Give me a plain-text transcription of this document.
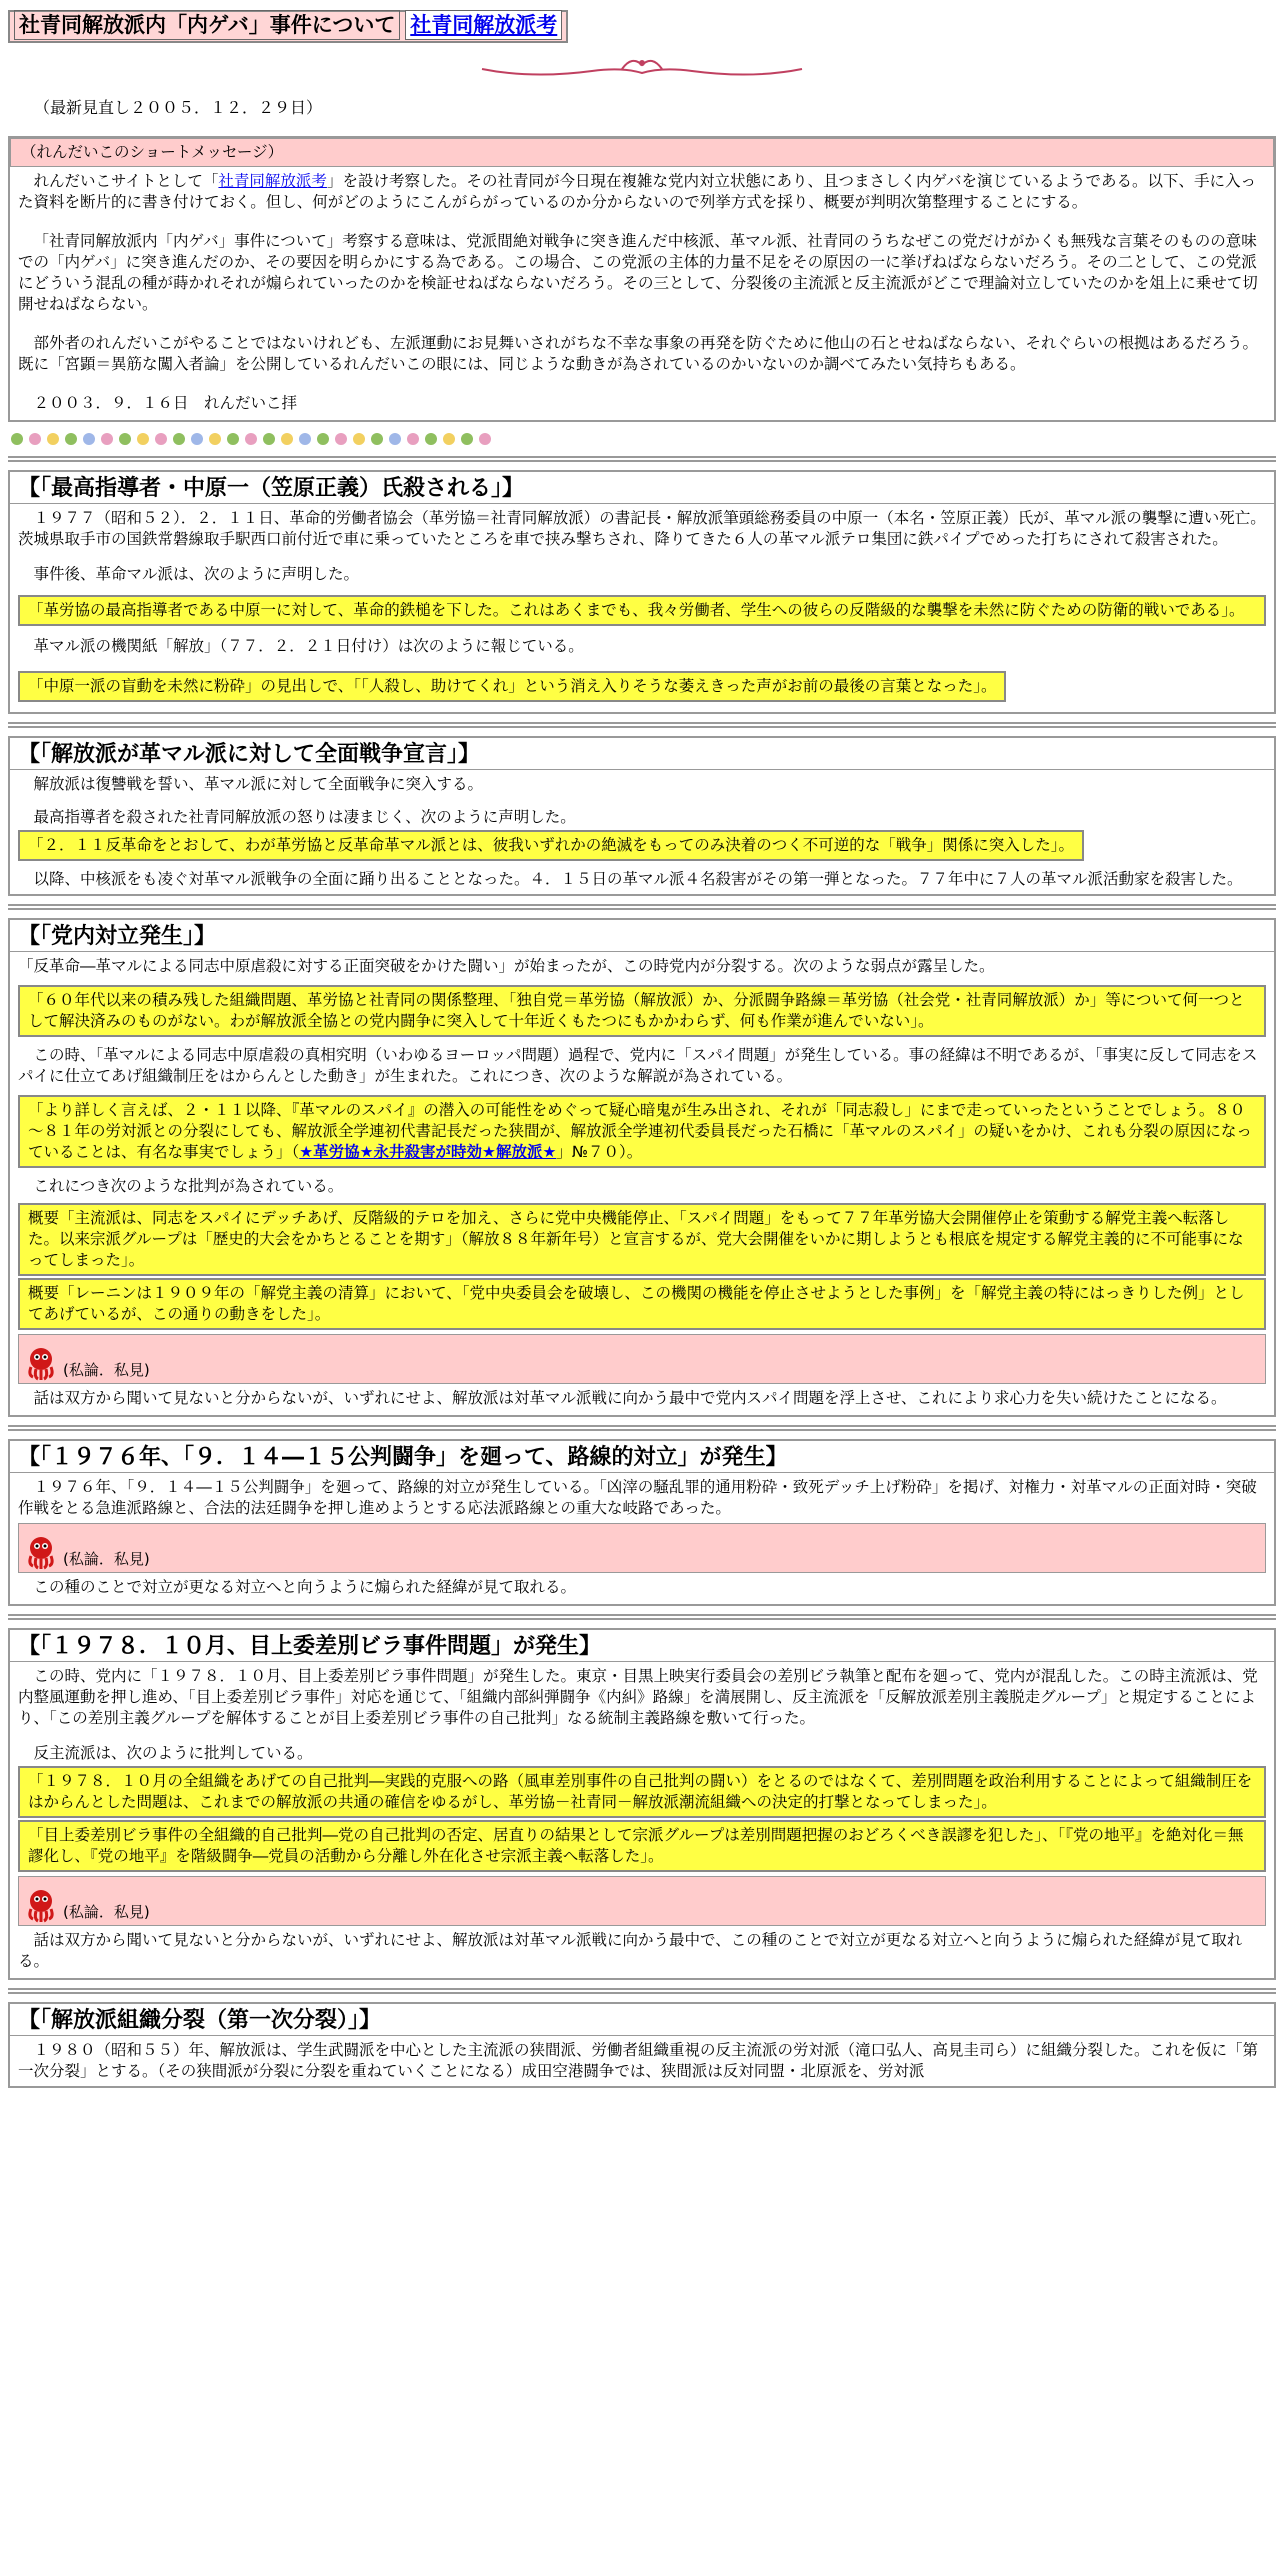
社青同解放派内「内ゲバ」事件について 社青同解放派考
（最新見直し２００５．１２．２９日）
（れんだいこのショートメッセージ）

れんだいこサイトとして「社青同解放派考」を設け考察した。その社青同が今日現在複雑な党内対立状態にあり、且つまさしく内ゲバを演じているようである。以下、手に入った資料を断片的に書き付けておく。但し、何がどのようにこんがらがっているのか分からないので列挙方式を採り、概要が判明次第整理することにする。

「社青同解放派内「内ゲバ」事件について」考察する意味は、党派間絶対戦争に突き進んだ中核派、革マル派、社青同のうちなぜこの党だけがかくも無残な言葉そのものの意味での「内ゲバ」に突き進んだのか、その要因を明らかにする為である。この場合、この党派の主体的力量不足をその原因の一に挙げねばならないだろう。その二として、この党派にどういう混乱の種が蒔かれそれが煽られていったのかを検証せねばならないだろう。その三として、分裂後の主流派と反主流派がどこで理論対立していたのかを俎上に乗せて切開せねばならない。

部外者のれんだいこがやることではないけれども、左派運動にお見舞いされがちな不幸な事象の再発を防ぐために他山の石とせねばならない、それぐらいの根拠はあるだろう。既に「宮顕＝異筋な闖入者論」を公開しているれんだいこの眼には、同じような動きが為されているのかいないのか調べてみたい気持ちもある。

２００３．９．１６日　れんだいこ拝

【「最高指導者・中原一（笠原正義）氏殺される」】

１９７７（昭和５２）．２．１１日、革命的労働者協会（革労協＝社青同解放派）の書記長・解放派筆頭総務委員の中原一（本名・笠原正義）氏が、革マル派の襲撃に遭い死亡。茨城県取手市の国鉄常磐線取手駅西口前付近で車に乗っていたところを車で挟み撃ちされ、降りてきた６人の革マル派テロ集団に鉄パイプでめった打ちにされて殺害された。

事件後、革命マル派は、次のように声明した。

「革労協の最高指導者である中原一に対して、革命的鉄槌を下した。これはあくまでも、我々労働者、学生への彼らの反階級的な襲撃を未然に防ぐための防衛的戦いである」。

革マル派の機関紙「解放」（７７．２．２１日付け）は次のように報じている。

「中原一派の盲動を未然に粉砕」の見出しで、「「人殺し、助けてくれ」という消え入りそうな萎えきった声がお前の最後の言葉となった」。
【「解放派が革マル派に対して全面戦争宣言」】

解放派は復讐戦を誓い、革マル派に対して全面戦争に突入する。

最高指導者を殺された社青同解放派の怒りは凄まじく、次のように声明した。

「２．１１反革命をとおして、わが革労協と反革命革マル派とは、彼我いずれかの絶滅をもってのみ決着のつく不可逆的な「戦争」関係に突入した」。

以降、中核派をも凌ぐ対革マル派戦争の全面に踊り出ることとなった。４．１５日の革マル派４名殺害がその第一弾となった。７７年中に７人の革マル派活動家を殺害した。

【「党内対立発生」】

「反革命―革マルによる同志中原虐殺に対する正面突破をかけた闘い」が始まったが、この時党内が分裂する。次のような弱点が露呈した。

「６０年代以来の積み残した組織問題、革労協と社青同の関係整理、「独自党＝革労協（解放派）か、分派闘争路線＝革労協（社会党・社青同解放派）か」等について何一つとして解決済みのものがない。わが解放派全協との党内闘争に突入して十年近くもたつにもかかわらず、何も作業が進んでいない」。

この時、「革マルによる同志中原虐殺の真相究明（いわゆるヨーロッパ問題）過程で、党内に「スパイ問題」が発生している。事の経緯は不明であるが、「事実に反して同志をスパイに仕立てあげ組織制圧をはからんとした動き」が生まれた。これにつき、次のような解説が為されている。

「より詳しく言えば、２・１１以降、『革マルのスパイ』の潜入の可能性をめぐって疑心暗鬼が生み出され、それが「同志殺し」にまで走っていったということでしょう。８０～８１年の労対派との分裂にしても、解放派全学連初代書記長だった狭間が、解放派全学連初代委員長だった石橋に「革マルのスパイ」の疑いをかけ、これも分裂の原因になっていることは、有名な事実でしょう」（★革労協★永井殺害が時効★解放派★」№７０）。

これにつき次のような批判が為されている。

概要「主流派は、同志をスパイにデッチあげ、反階級的テロを加え、さらに党中央機能停止、「スパイ問題」をもって７７年革労協大会開催停止を策動する解党主義へ転落した。以来宗派グループは「歴史的大会をかちとることを期す」（解放８８年新年号）と宣言するが、党大会開催をいかに期しようとも根底を規定する解党主義的に不可能事になってしまった」。
概要「レーニンは１９０９年の「解党主義の清算」において、「党中央委員会を破壊し、この機関の機能を停止させようとした事例」を「解党主義の特にはっきりした例」としてあげているが、この通りの動きをした」。
(私論．私見)

話は双方から聞いて見ないと分からないが、いずれにせよ、解放派は対革マル派戦に向かう最中で党内スパイ問題を浮上させ、これにより求心力を失い続けたことになる。

【「１９７６年、「９．１４―１５公判闘争」を廻って、路線的対立」が発生】

１９７６年、「９．１４―１５公判闘争」を廻って、路線的対立が発生している。「凶滓の騒乱罪的通用粉砕・致死デッチ上げ粉砕」を掲げ、対権力・対革マルの正面対時・突破作戦をとる急進派路線と、合法的法廷闘争を押し進めようとする応法派路線との重大な岐路であった。

(私論．私見)

この種のことで対立が更なる対立へと向うように煽られた経緯が見て取れる。

【「１９７８．１０月、目上委差別ビラ事件問題」が発生】

この時、党内に「１９７８．１０月、目上委差別ビラ事件問題」が発生した。東京・目黒上映実行委員会の差別ビラ執筆と配布を廻って、党内が混乱した。この時主流派は、党内整風運動を押し進め、「目上委差別ビラ事件」対応を通じて、「組織内部糾弾闘争《内糾》路線」を満展開し、反主流派を「反解放派差別主義脱走グループ」と規定することにより、「この差別主義グループを解体することが目上委差別ビラ事件の自己批判」なる統制主義路線を敷いて行った。

反主流派は、次のように批判している。

「１９７８．１０月の全組織をあげての自己批判―実践的克服への路（風車差別事件の自己批判の闘い）をとるのではなくて、差別問題を政治利用することによって組織制圧をはからんとした問題は、これまでの解放派の共通の確信をゆるがし、革労協－社青同－解放派潮流組織への決定的打撃となってしまった」。
「目上委差別ビラ事件の全組織的自己批判―党の自己批判の否定、居直りの結果として宗派グループは差別問題把握のおどろくべき誤謬を犯した」、「『党の地平』を絶対化＝無謬化し、『党の地平』を階級闘争―党員の活動から分離し外在化させ宗派主義へ転落した」。
(私論．私見)

話は双方から聞いて見ないと分からないが、いずれにせよ、解放派は対革マル派戦に向かう最中で、この種のことで対立が更なる対立へと向うように煽られた経緯が見て取れる。

【「解放派組織分裂（第一次分裂）」】

１９８０（昭和５５）年、解放派は、学生武闘派を中心とした主流派の狭間派、労働者組織重視の反主流派の労対派（滝口弘人、高見圭司ら）に組織分裂した。これを仮に「第一次分裂」とする。（その狭間派が分裂に分裂を重ねていくことになる）成田空港闘争では、狭間派は反対同盟・北原派を、労対派
